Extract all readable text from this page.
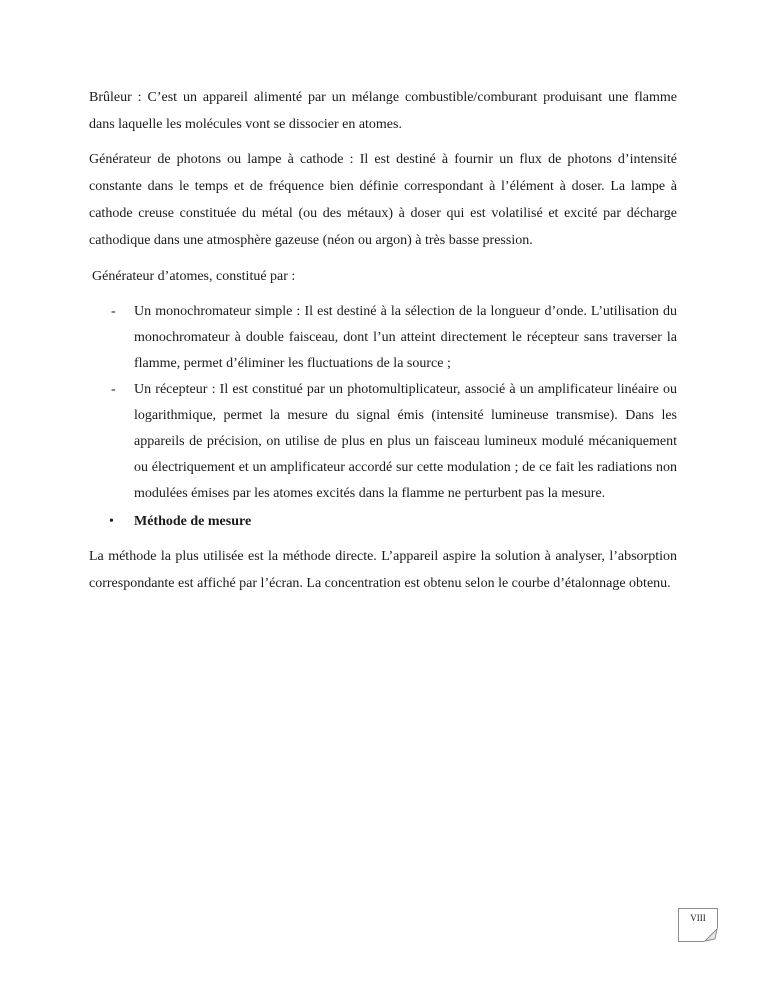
Brûleur : C’est un appareil alimenté par un mélange combustible/comburant produisant une flamme dans laquelle les molécules vont se dissocier en atomes.

Générateur de photons ou lampe à cathode : Il est destiné à fournir un flux de photons d’intensité constante dans le temps et de fréquence bien définie correspondant à l’élément à doser. La lampe à cathode creuse constituée du métal (ou des métaux) à doser qui est volatilisé et excité par décharge cathodique dans une atmosphère gazeuse (néon ou argon) à très basse pression.

Générateur d’atomes, constitué par :

- Un monochromateur simple : Il est destiné à la sélection de la longueur d’onde. L’utilisation du monochromateur à double faisceau, dont l’un atteint directement le récepteur sans traverser la flamme, permet d’éliminer les fluctuations de la source ;
- Un récepteur : Il est constitué par un photomultiplicateur, associé à un amplificateur linéaire ou logarithmique, permet la mesure du signal émis (intensité lumineuse transmise). Dans les appareils de précision, on utilise de plus en plus un faisceau lumineux modulé mécaniquement ou électriquement et un amplificateur accordé sur cette modulation ; de ce fait les radiations non modulées émises par les atomes excités dans la flamme ne perturbent pas la mesure.
• Méthode de mesure

La méthode la plus utilisée est la méthode directe. L’appareil aspire la solution à analyser, l’absorption correspondante est affiché par l’écran. La concentration est obtenu selon le courbe d’étalonnage obtenu.

VIII
